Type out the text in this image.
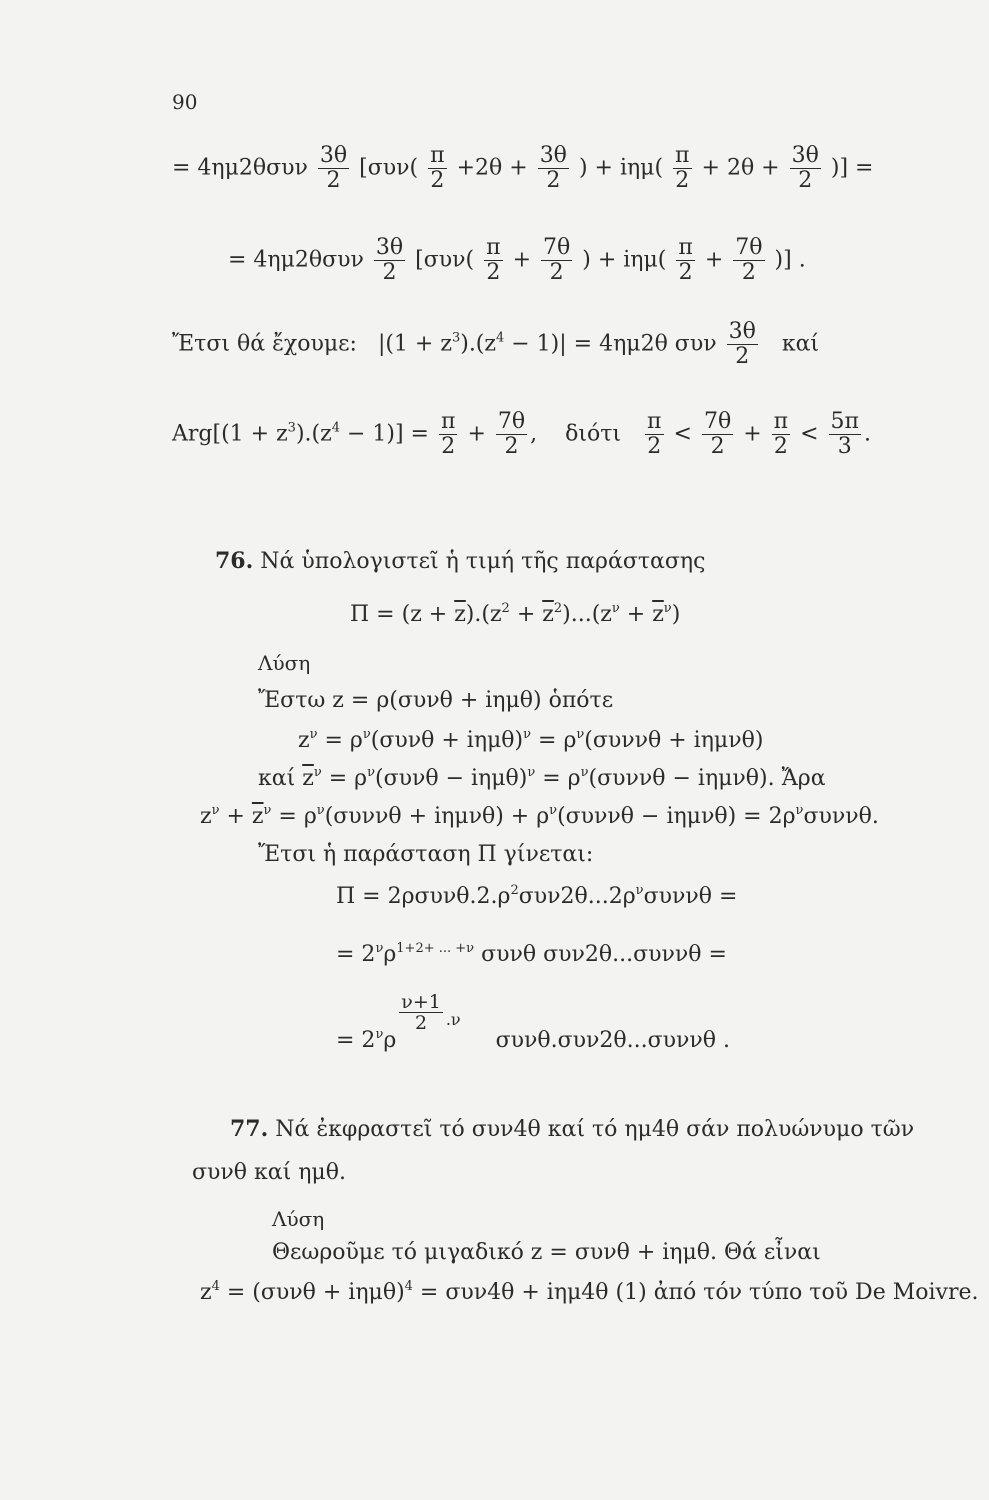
90
= $4\eta\mu 2\theta\sigma\upsilon\nu \frac{3\theta}{2} [\sigma\upsilon\nu( \frac{\pi}{2} +2\theta + \frac{3\theta}{2}$ ) + $i\eta\mu( \frac{\pi}{2} + 2\theta + \frac{3\theta}{2}$ )] =
= $4\eta\mu 2\theta\sigma\upsilon\nu \frac{3\theta}{2} [\sigma\upsilon\nu( \frac{\pi}{2} + \frac{7\theta}{2}$ ) + $i\eta\mu( \frac{\pi}{2} + \frac{7\theta}{2}$ )] .
Ἔτσι θά ἔχουμε: $|(1 + z^3).(z^4 - 1)| = 4\eta\mu 2\theta$ συν $\frac{3\theta}{2}$ καί
$Arg[(1 + z^3).(z^4 - 1)] = \frac{\pi}{2} + \frac{7\theta}{2}$ , διότι $\frac{\pi}{2} < \frac{7\theta}{2} + \frac{\pi}{2} < \frac{5\pi}{3}$ .
76. Νά ὑπολογιστεῖ ἡ τιμή τῆς παράστασης
$\Pi = (z + \overline{z}).(z^2 + \overline{z}^2)...(z^\nu + \overline{z}^\nu)$
Λύση
Ἔστω z = ρ(συνθ + iημθ) ὁπότε
$z^\nu = \rho^\nu(\sigma\upsilon\nu\theta + i\eta\mu\theta)^\nu = \rho^\nu(\sigma\upsilon\nu\nu\theta + i\eta\mu\nu\theta)$
καί $\overline{z}^\nu = \rho^\nu(\sigma\upsilon\nu\theta - i\eta\mu\theta)^\nu = \rho^\nu(\sigma\upsilon\nu\nu\theta - i\eta\mu\nu\theta)$. Ἄρα
$z^\nu + \overline{z}^\nu = \rho^\nu(\sigma\upsilon\nu\nu\theta + i\eta\mu\nu\theta) + \rho^\nu(\sigma\upsilon\nu\nu\theta - i\eta\mu\nu\theta) = 2\rho^\nu\sigma\upsilon\nu\nu\theta$.
Ἔτσι ἡ παράσταση Π γίνεται:
$\Pi = 2\rho\sigma\upsilon\nu\theta.2.\rho^2\sigma\upsilon\nu 2\theta...2\rho^\nu\sigma\upsilon\nu\nu\theta$ =
= $2^\nu\rho^{1+2+ ... +\nu}$ συνθ συν2θ...συννθ =
= $2^\nu\rho$
$\frac{\nu+1}{2} ^{.\nu}$     συνθ.συν2θ...συννθ .
77. Νά ἐκφραστεῖ τό συν4θ καί τό ημ4θ σάν πολυώνυμο τῶν
συνθ καί ημθ.
Λύση
Θεωροῦμε τό μιγαδικό z = συνθ + iημθ. Θά εἶναι
$z^4 = (\sigma\upsilon\nu\theta + i\eta\mu\theta)^4 = \sigma\upsilon\nu 4\theta + i\eta\mu 4\theta$ (1) ἀπό τόν τύπο τοῦ De Moivre.
